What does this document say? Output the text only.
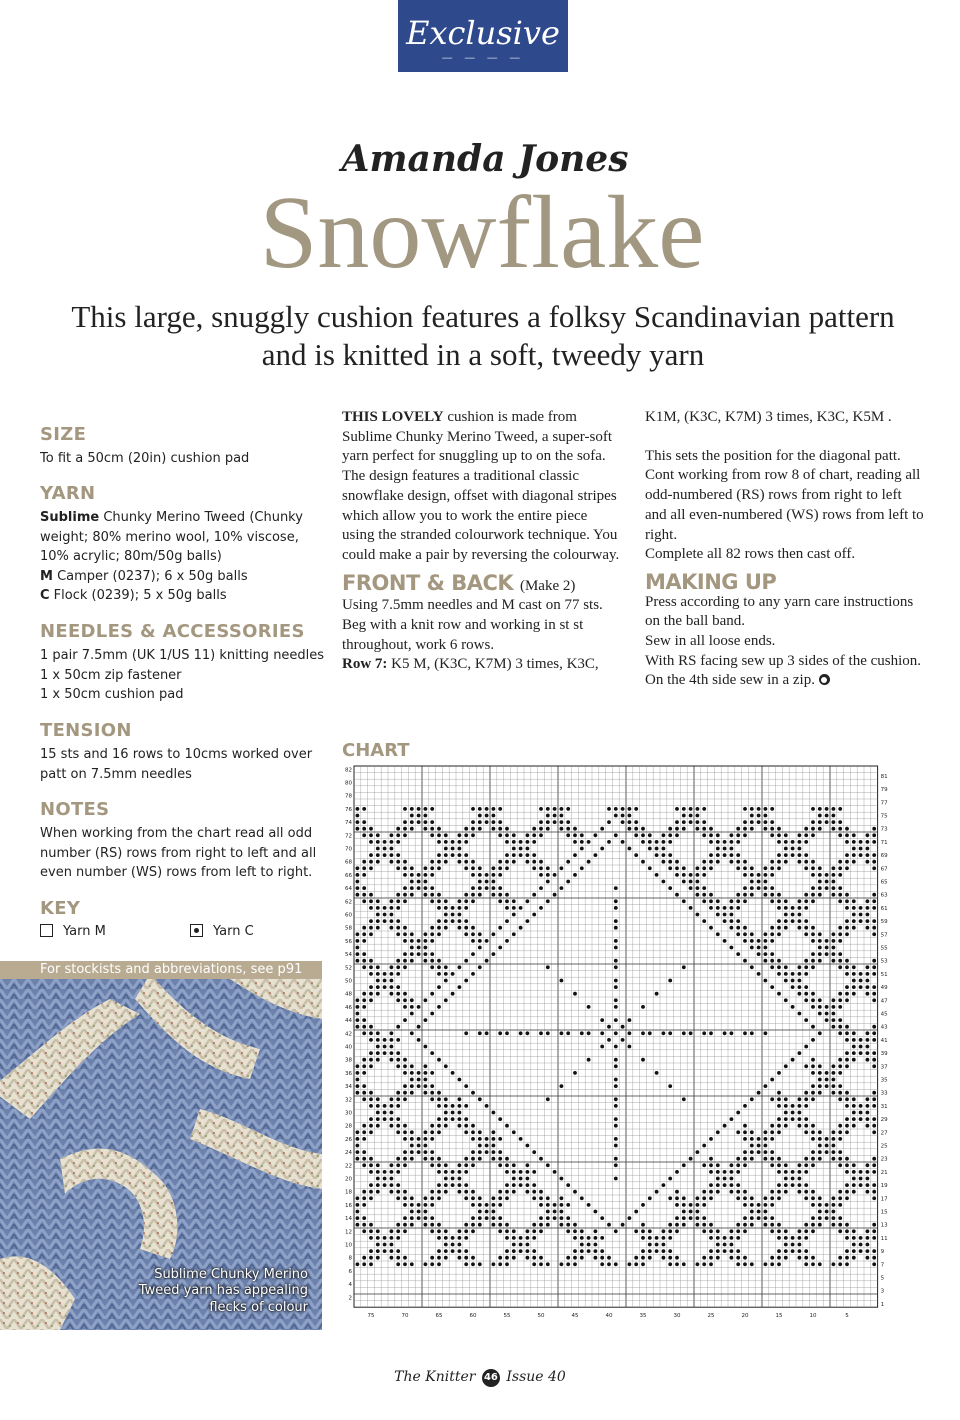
Exclusive
— — — —
Amanda Jones
Snowflake
This large, snuggly cushion features a folksy Scandinavian pattern and is knitted in a soft, tweedy yarn
SIZE

To fit a 50cm (20in) cushion pad

YARN

Sublime Chunky Merino Tweed (Chunky weight; 80% merino wool, 10% viscose, 10% acrylic; 80m/50g balls)
M Camper (0237); 6 x 50g balls
C Flock (0239); 5 x 50g balls

NEEDLES & ACCESSORIES

1 pair 7.5mm (UK 1/US 11) knitting needles
1 x 50cm zip fastener
1 x 50cm cushion pad

TENSION

15 sts and 16 rows to 10cms worked over patt on 7.5mm needles

NOTES

When working from the chart read all odd number (RS) rows from right to left and all even number (WS) rows from left to right.

KEY
Yarn M	Yarn C
For stockists and abbreviations, see p91
Sublime Chunky Merino Tweed yarn has appealing flecks of colour

THIS LOVELY cushion is made from Sublime Chunky Merino Tweed, a super-soft yarn perfect for snuggling up to on the sofa. The design features a traditional classic snowflake design, offset with diagonal stripes which allow you to work the entire piece using the stranded colourwork technique. You could make a pair by reversing the colourway.

FRONT & BACK (Make 2)

Using 7.5mm needles and M cast on 77 sts. Beg with a knit row and working in st st throughout, work 6 rows.

Row 7: K5 M, (K3C, K7M) 3 times, K3C,

K1M, (K3C, K7M) 3 times, K3C, K5M .

This sets the position for the diagonal patt. Cont working from row 8 of chart, reading all odd-numbered (RS) rows from right to left and all even-numbered (WS) rows from left to right.

Complete all 82 rows then cast off.

MAKING UP

Press according to any yarn care instructions on the ball band.

Sew in all loose ends.

With RS facing sew up 3 sides of the cushion. On the 4th side sew in a zip.

CHART
2
4
6
8
10
12
14
16
18
20
22
24
26
28
30
32
34
36
38
40
42
44
46
48
50
52
54
56
58
60
62
64
66
68
70
72
74
76
78
80
82
1
3
5
7
9
11
13
15
17
19
21
23
25
27
29
31
33
35
37
39
41
43
45
47
49
51
53
55
57
59
61
63
65
67
69
71
73
75
77
79
81
75	70	65	60	55	50	45	40	35	30	25	20	15	10	5
The Knitter 46 Issue 40
